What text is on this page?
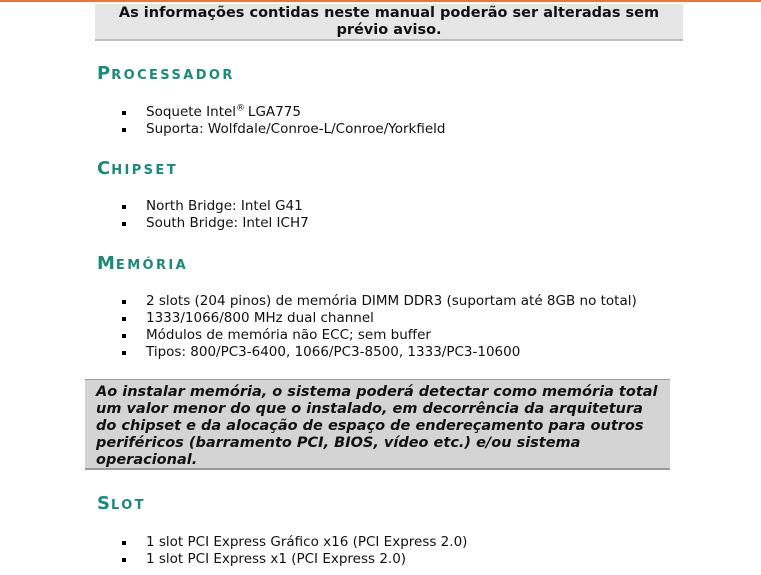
As informações contidas neste manual poderão ser alteradas sem prévio aviso.
PROCESSADOR
Soquete Intel® LGA775
Suporta: Wolfdale/Conroe-L/Conroe/Yorkfield
CHIPSET
North Bridge: Intel G41
South Bridge: Intel ICH7
MEMÓRIA
2 slots (204 pinos) de memória DIMM DDR3 (suportam até 8GB no total)
1333/1066/800 MHz dual channel
Módulos de memória não ECC; sem buffer
Tipos: 800/PC3-6400, 1066/PC3-8500, 1333/PC3-10600
Ao instalar memória, o sistema poderá detectar como memória total um valor menor do que o instalado, em decorrência da arquitetura do chipset e da alocação de espaço de endereçamento para outros periféricos (barramento PCI, BIOS, vídeo etc.) e/ou sistema operacional.
SLOT
1 slot PCI Express Gráfico x16 (PCI Express 2.0)
1 slot PCI Express x1 (PCI Express 2.0)
